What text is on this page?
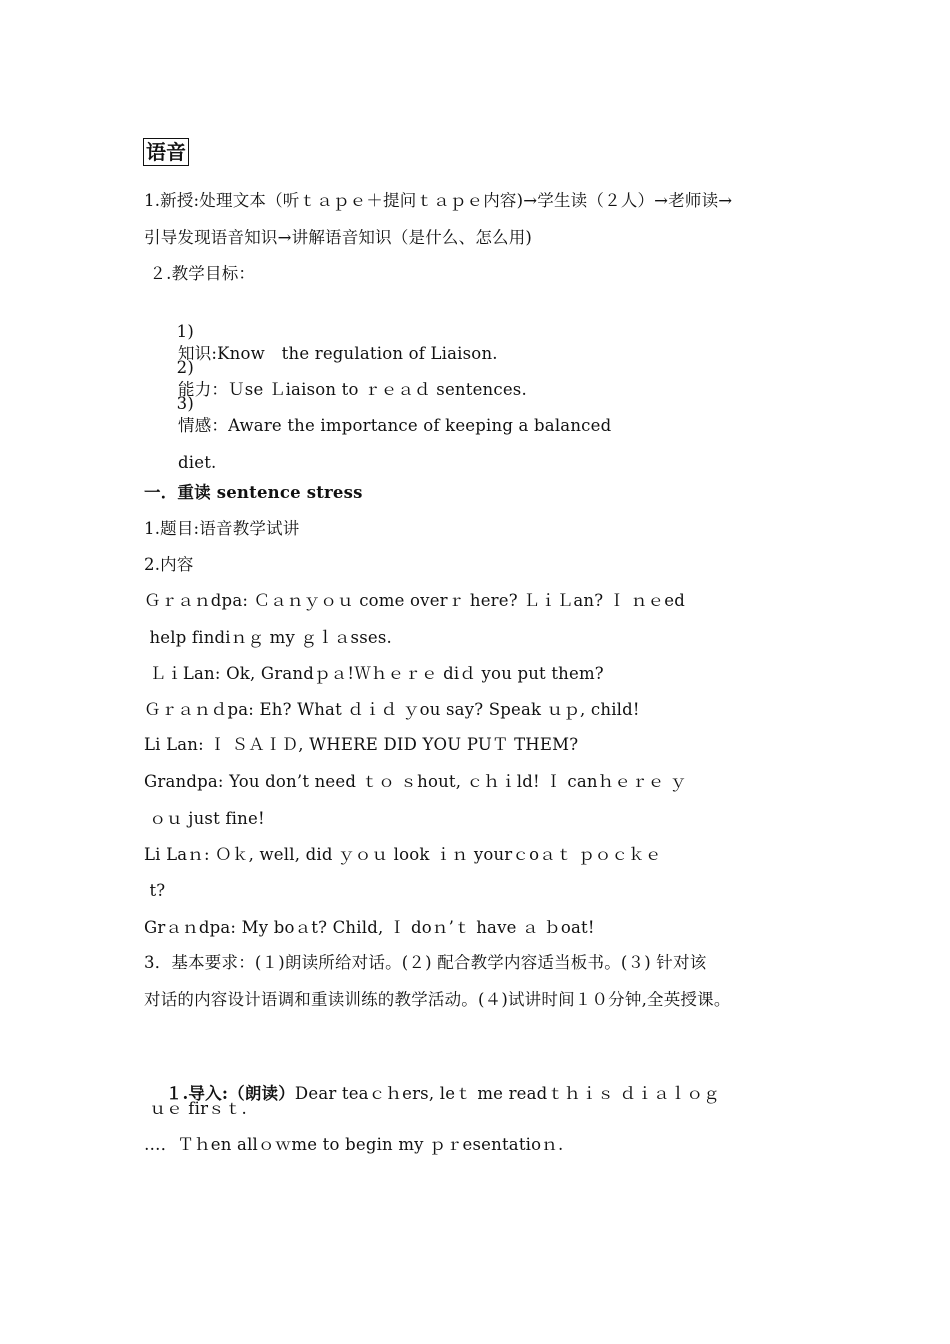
语音
1.新授:处理文本（听ｔａｐｅ＋提问ｔａｐｅ内容)→学生读（２人）→老师读→
引导发现语音知识→讲解语音知识（是什么、怎么用)
２.教学目标：

1)

知识:Know　the regulation of Liaison.

2)

能力：Ｕse Ｌiaison to ｒｅａｄ sentences.

3)

情感：Aware the importance of keeping a balanced

diet.

一．重读 sentence stress
1.题目:语音教学试讲
2.内容
Ｇｒａｎdpa: Ｃａｎｙｏｕ come overｒ here? ＬｉＬan? Ｉ ｎｅed
help findiｎｇ my ｇｌａsses.
ＬｉLan: Ok, Grandｐａ!Ｗｈｅｒｅ diｄ you put them?
Ｇｒａｎｄpa: Eh? What ｄｉｄ ｙou say? Speak ｕｐ, child!
Li Lan: Ｉ ＳＡＩＤ, WHERE DID YOU PUＴ THEM?
Grandpa: You don’t need ｔｏ ｓhout, ｃｈｉld! Ｉ canｈｅｒｅ ｙ
ｏｕ just fine!
Li Laｎ: Ｏｋ, well, did ｙｏｕ look ｉｎ yourｃoａｔ ｐｏｃｋｅ
t?
Grａｎdpa: My boａt? Child, Ｉ doｎ’ｔ have ａ ｂoat!
3．基本要求：(１)朗读所给对话。(２) 配合教学内容适当板书。(３) 针对该
对话的内容设计语调和重读训练的教学活动。(４)试讲时间１０分钟,全英授课。

１.导入:（朗读）Dear teaｃｈers, leｔ me readｔｈｉｓ ｄｉａｌｏｇ

ｕｅ firｓｔ.
…．Ｔｈen allｏｗme to begin my ｐｒesentatioｎ.
